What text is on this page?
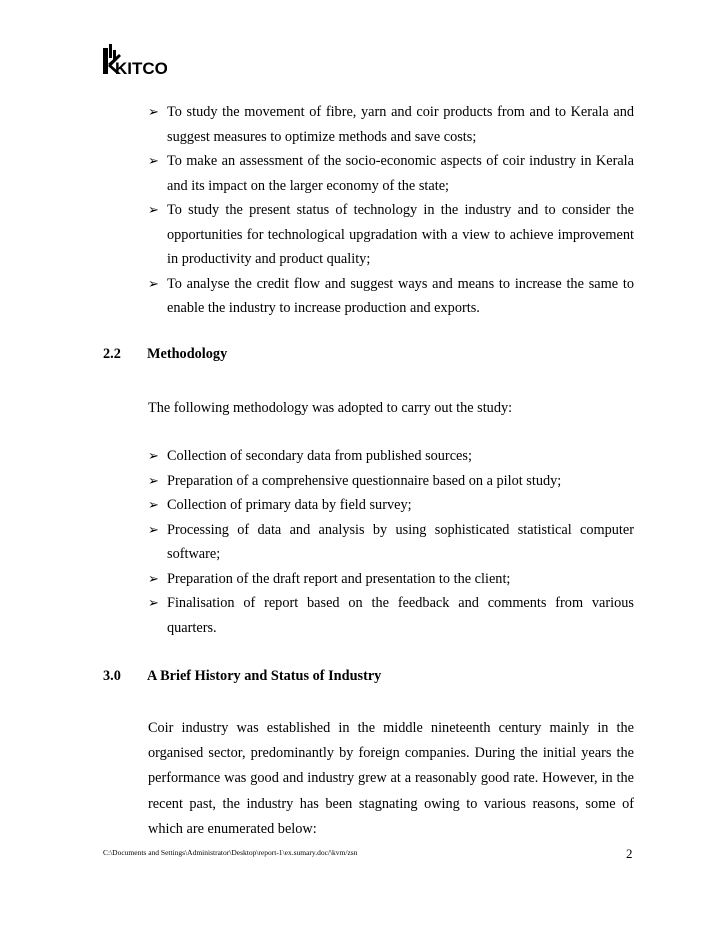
KITCO
➢ To study the movement of fibre, yarn and coir products from and to Kerala and suggest measures to optimize methods and save costs;
➢ To make an assessment of the socio-economic aspects of coir industry in Kerala and its impact on the larger economy of the state;
➢ To study the present status of technology in the industry and to consider the opportunities for technological upgradation with a view to achieve improvement in productivity and product quality;
➢ To analyse the credit flow and suggest ways and means to increase the same to enable the industry to increase production and exports.
2.2	Methodology

The following methodology was adopted to carry out the study:

➢ Collection of secondary data from published sources;
➢ Preparation of a comprehensive questionnaire based on a pilot study;
➢ Collection of primary data by field survey;
➢ Processing of data and analysis by using sophisticated statistical computer software;
➢ Preparation of the draft report and presentation to the client;
➢ Finalisation of report based on the feedback and comments from various quarters.
3.0	A Brief History and Status of Industry

Coir industry was established in the middle nineteenth century mainly in the organised sector, predominantly by foreign companies. During the initial years the performance was good and industry grew at a reasonably good rate. However, in the recent past, the industry has been stagnating owing to various reasons, some of which are enumerated below:

C:\Documents and Settings\Administrator\Desktop\report-1\ex.sumary.doc/\kvm/zsn	2
